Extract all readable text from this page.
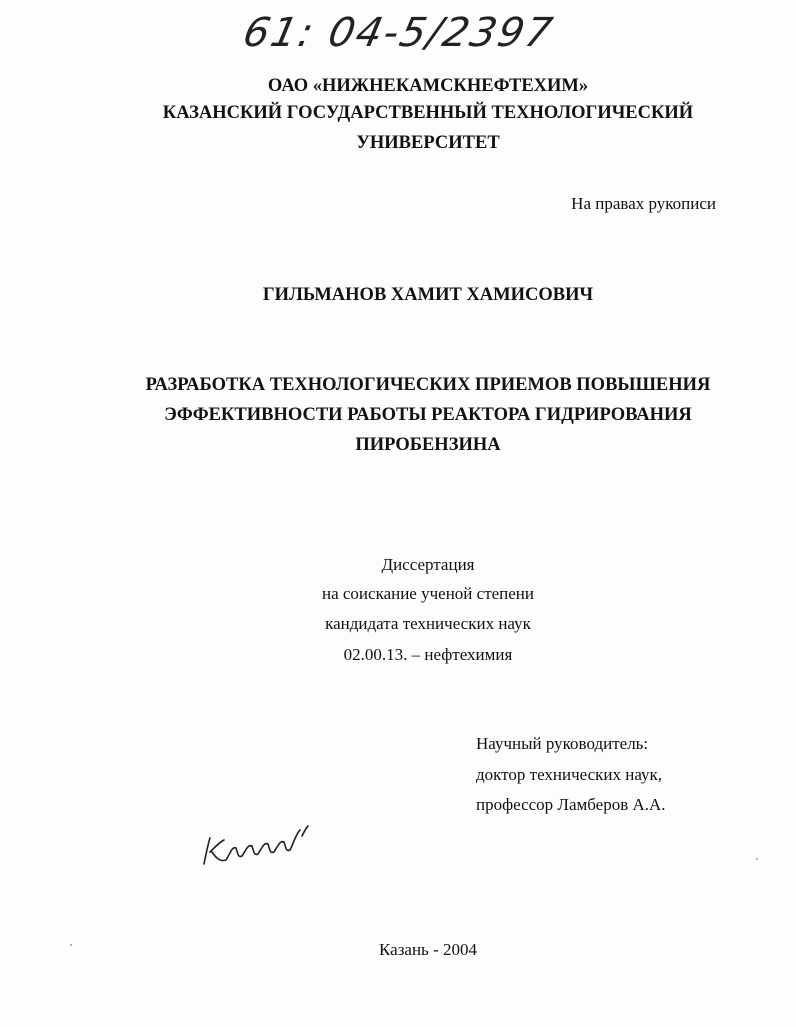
61: 04-5/2397
ОАО «НИЖНЕКАМСКНЕФТЕХИМ»
КАЗАНСКИЙ ГОСУДАРСТВЕННЫЙ ТЕХНОЛОГИЧЕСКИЙ
УНИВЕРСИТЕТ
На правах рукописи
ГИЛЬМАНОВ ХАМИТ ХАМИСОВИЧ
РАЗРАБОТКА ТЕХНОЛОГИЧЕСКИХ ПРИЕМОВ ПОВЫШЕНИЯ
ЭФФЕКТИВНОСТИ РАБОТЫ РЕАКТОРА ГИДРИРОВАНИЯ
ПИРОБЕНЗИНА
Диссертация
на соискание ученой степени
кандидата технических наук
02.00.13. – нефтехимия
Научный руководитель:
доктор технических наук,
профессор Ламберов А.А.
Казань - 2004
